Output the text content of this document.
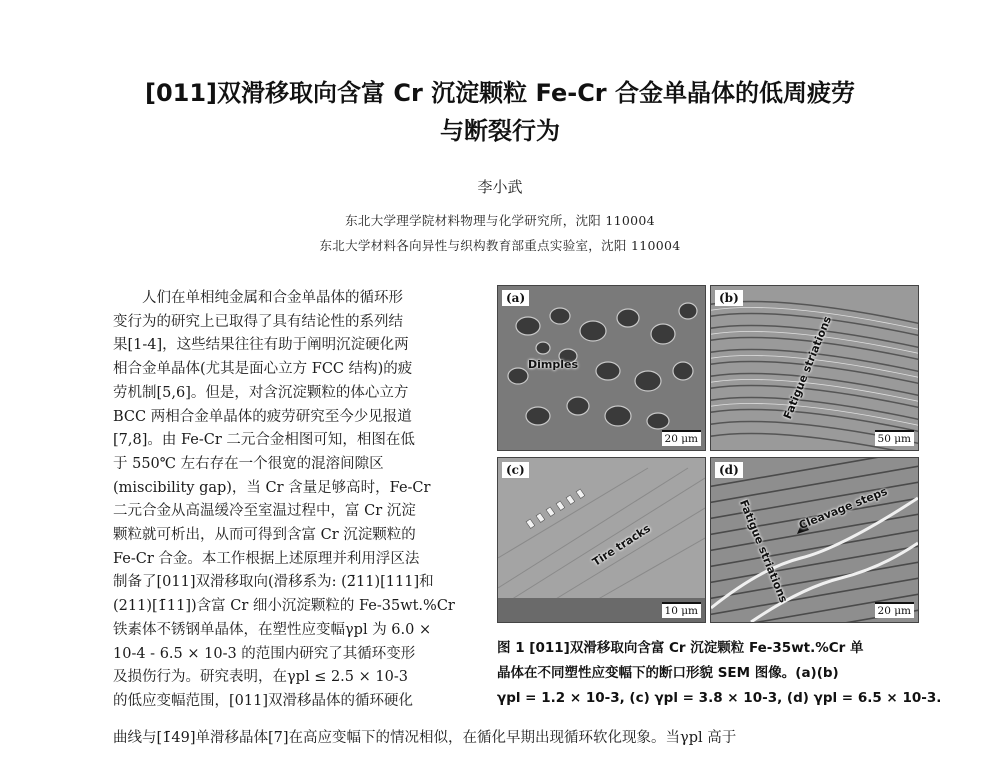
[011]双滑移取向含富 Cr 沉淀颗粒 Fe-Cr 合金单晶体的低周疲劳
与断裂行为
李小武
东北大学理学院材料物理与化学研究所，沈阳 110004
东北大学材料各向异性与织构教育部重点实验室，沈阳 110004
人们在单相纯金属和合金单晶体的循环形
变行为的研究上已取得了具有结论性的系列结
果[1-4]，这些结果往往有助于阐明沉淀硬化两
相合金单晶体(尤其是面心立方 FCC 结构)的疲
劳机制[5,6]。但是，对含沉淀颗粒的体心立方
BCC 两相合金单晶体的疲劳研究至今少见报道
[7,8]。由 Fe-Cr 二元合金相图可知，相图在低
于 550℃ 左右存在一个很宽的混溶间隙区
(miscibility gap)，当 Cr 含量足够高时，Fe-Cr
二元合金从高温缓冷至室温过程中，富 Cr 沉淀
颗粒就可析出，从而可得到含富 Cr 沉淀颗粒的
Fe-Cr 合金。本工作根据上述原理并利用浮区法
制备了[011]双滑移取向(滑移系为: (2̄11)[111]和
(211)[1̄11])含富 Cr 细小沉淀颗粒的 Fe-35wt.%Cr
铁素体不锈钢单晶体，在塑性应变幅γpl 为 6.0 ×
10-4 - 6.5 × 10-3 的范围内研究了其循环变形
及损伤行为。研究表明，在γpl ≤ 2.5 × 10-3
的低应变幅范围，[011]双滑移晶体的循环硬化
曲线与[1̄49]单滑移晶体[7]在高应变幅下的情况相似，在循化早期出现循环软化现象。当γpl 高于
(a)
Dimples
20 μm
(b)
Fatigue striations
50 μm
(c)
Tire tracks
10 μm
(d)
Cleavage steps
Fatigue striations
20 μm
图 1 [011]双滑移取向含富 Cr 沉淀颗粒 Fe-35wt.%Cr 单
晶体在不同塑性应变幅下的断口形貌 SEM 图像。(a)(b)
γpl = 1.2 × 10-3, (c) γpl = 3.8 × 10-3, (d) γpl = 6.5 × 10-3.
